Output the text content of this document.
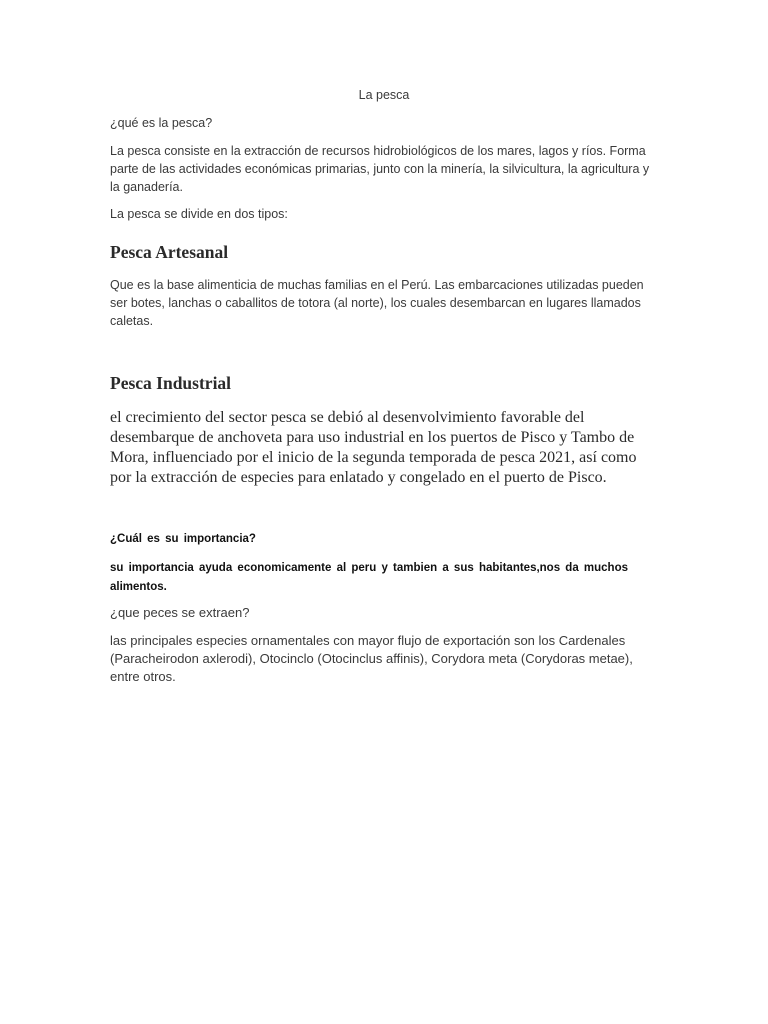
La pesca
¿qué es la pesca?
La pesca consiste en la extracción de recursos hidrobiológicos de los mares, lagos y ríos. Forma parte de las actividades económicas primarias, junto con la minería, la silvicultura, la agricultura y la ganadería.
La pesca se divide en dos tipos:
Pesca Artesanal
Que es la base alimenticia de muchas familias en el Perú. Las embarcaciones utilizadas pueden ser botes, lanchas o caballitos de totora (al norte), los cuales desembarcan en lugares llamados caletas.
Pesca Industrial
el crecimiento del sector pesca se debió al desenvolvimiento favorable del desembarque de anchoveta para uso industrial en los puertos de Pisco y Tambo de Mora, influenciado por el inicio de la segunda temporada de pesca 2021, así como por la extracción de especies para enlatado y congelado en el puerto de Pisco.
¿Cuál es su importancia?
su importancia ayuda economicamente al peru y tambien a sus habitantes,nos da muchos alimentos.
¿que peces se extraen?
las principales especies ornamentales con mayor flujo de exportación son los Cardenales (Paracheirodon axlerodi), Otocinclo (Otocinclus affinis), Corydora meta (Corydoras metae), entre otros.
